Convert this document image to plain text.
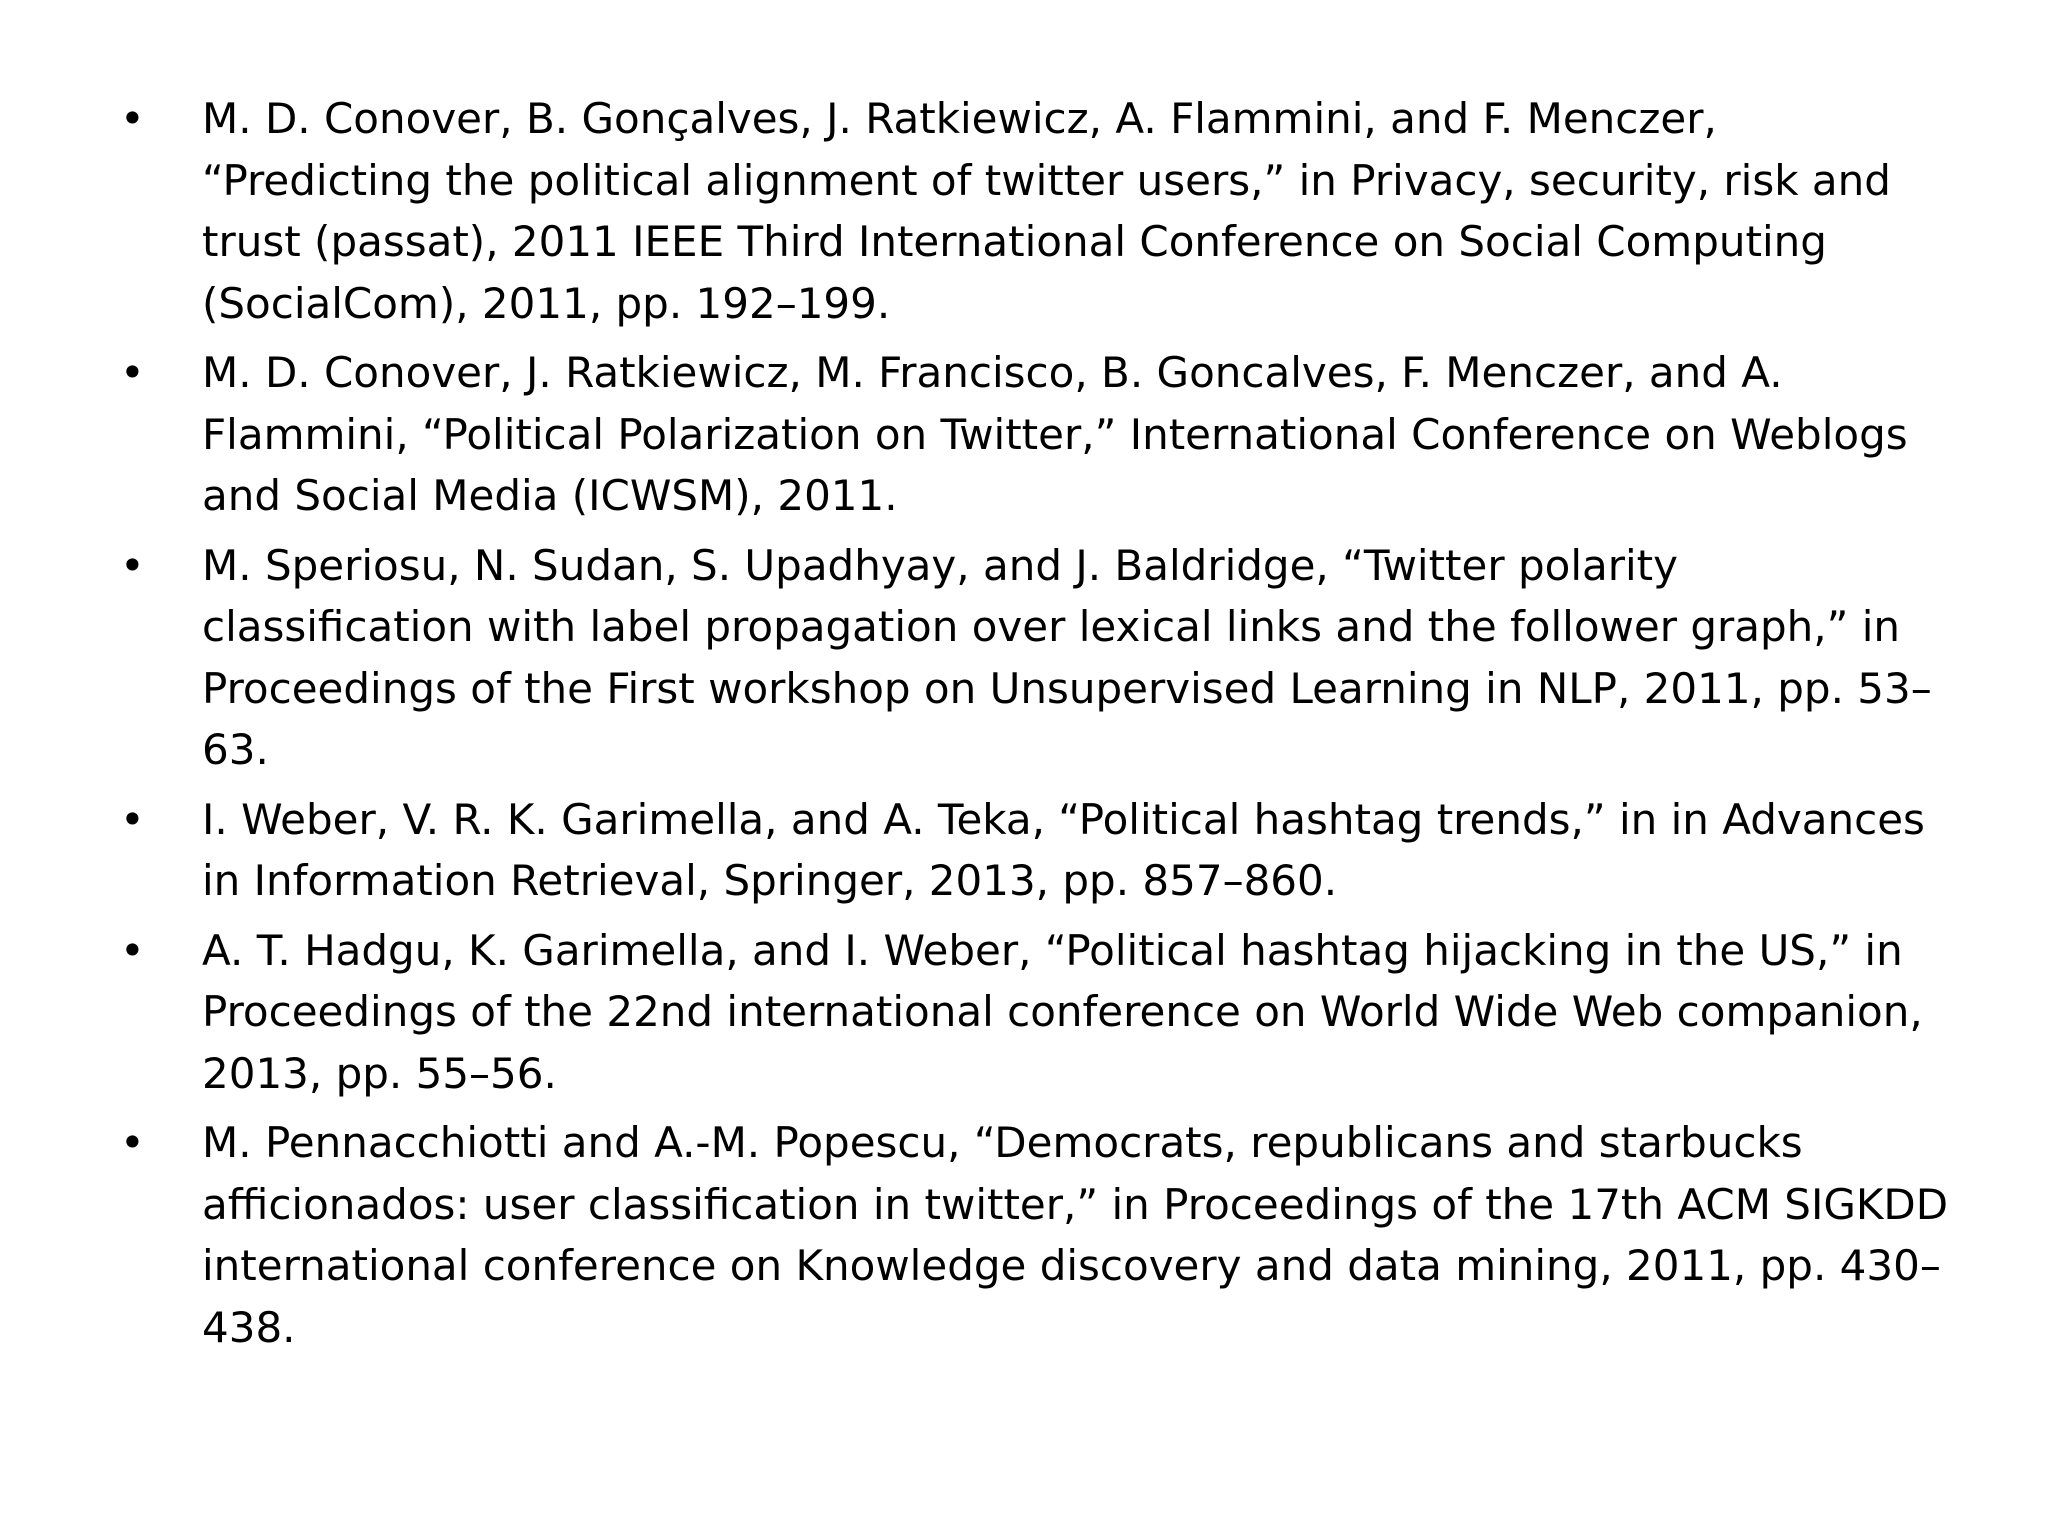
• M. D. Conover, B. Gonçalves, J. Ratkiewicz, A. Flammini, and F. Menczer,
“Predicting the political alignment of twitter users,” in Privacy, security, risk and
trust (passat), 2011 IEEE Third International Conference on Social Computing
(SocialCom), 2011, pp. 192–199.
• M. D. Conover, J. Ratkiewicz, M. Francisco, B. Goncalves, F. Menczer, and A.
Flammini, “Political Polarization on Twitter,” International Conference on Weblogs
and Social Media (ICWSM), 2011.
• M. Speriosu, N. Sudan, S. Upadhyay, and J. Baldridge, “Twitter polarity
classification with label propagation over lexical links and the follower graph,” in
Proceedings of the First workshop on Unsupervised Learning in NLP, 2011, pp. 53–
63.
• I. Weber, V. R. K. Garimella, and A. Teka, “Political hashtag trends,” in in Advances
in Information Retrieval, Springer, 2013, pp. 857–860.
• A. T. Hadgu, K. Garimella, and I. Weber, “Political hashtag hijacking in the US,” in
Proceedings of the 22nd international conference on World Wide Web companion,
2013, pp. 55–56.
• M. Pennacchiotti and A.-M. Popescu, “Democrats, republicans and starbucks
afficionados: user classification in twitter,” in Proceedings of the 17th ACM SIGKDD
international conference on Knowledge discovery and data mining, 2011, pp. 430–
438.
